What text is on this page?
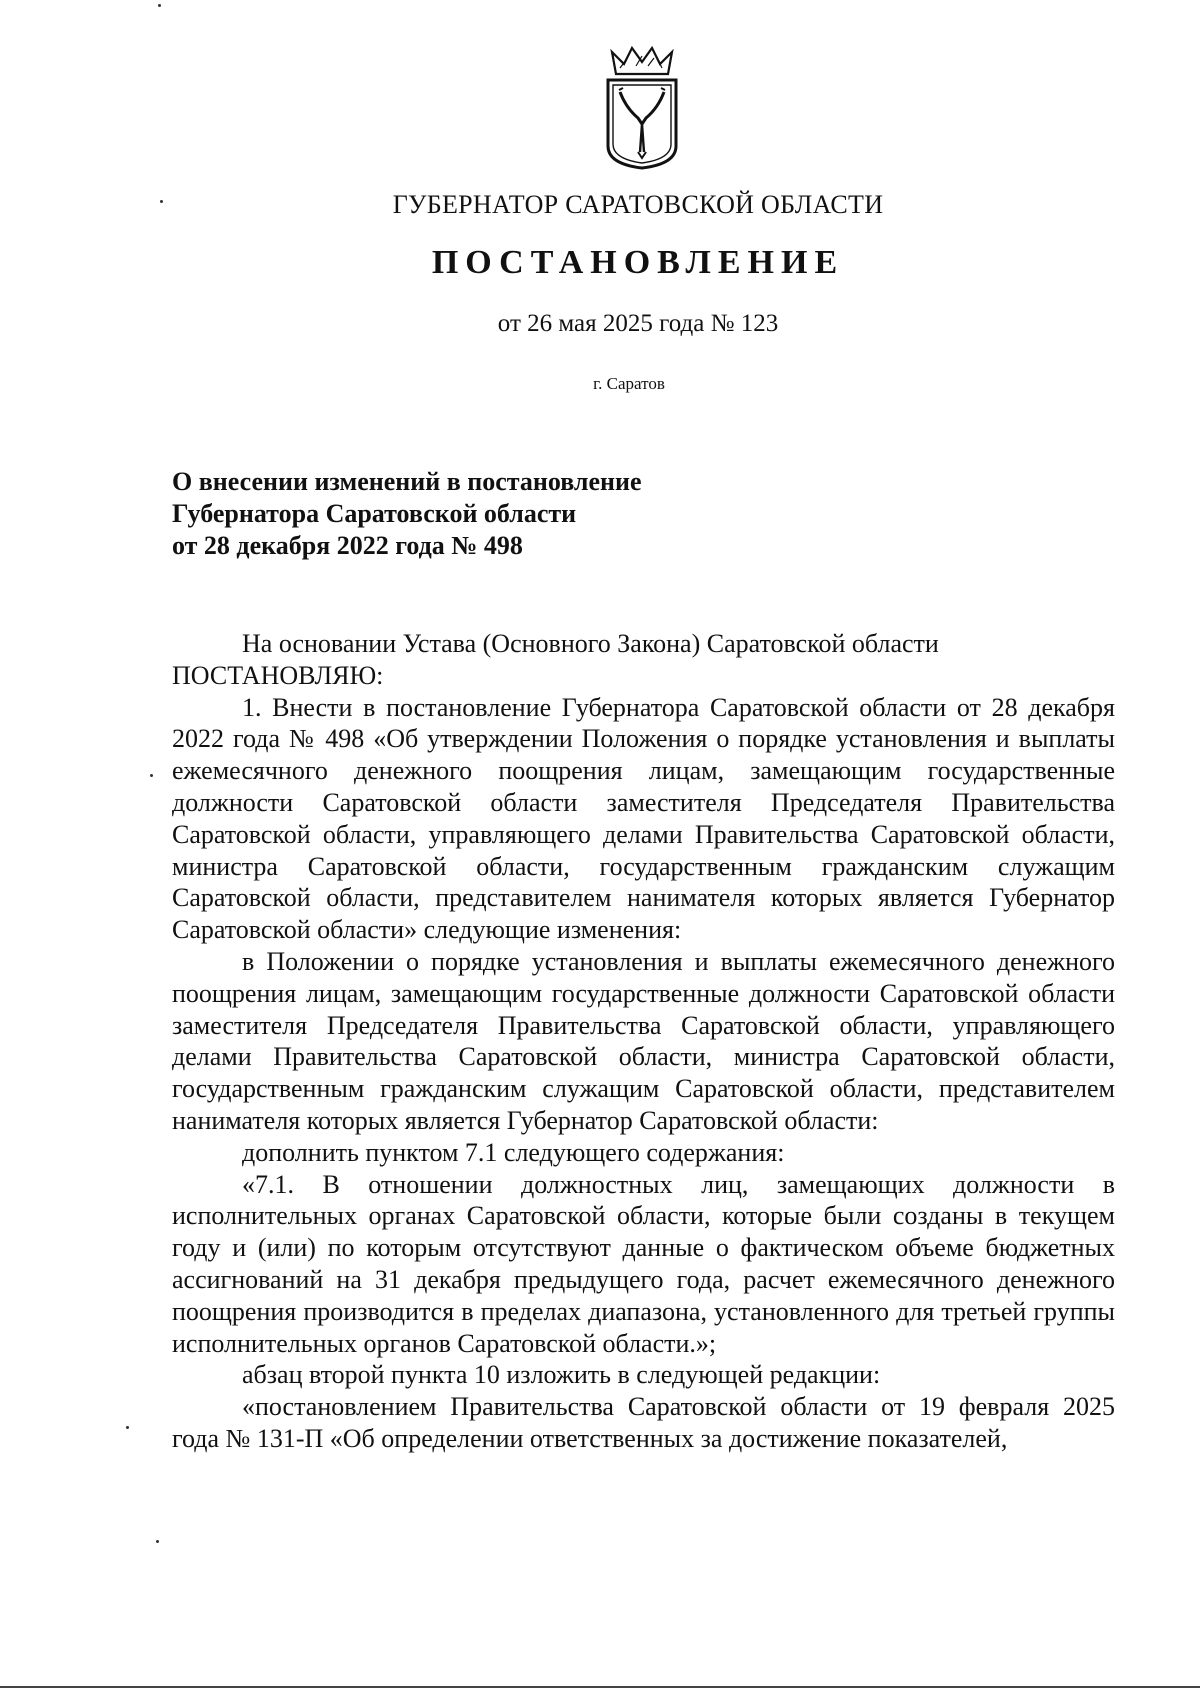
ГУБЕРНАТОР САРАТОВСКОЙ ОБЛАСТИ
ПОСТАНОВЛЕНИЕ
от 26 мая 2025 года № 123
г. Саратов
О внесении изменений в постановление
Губернатора Саратовской области
от 28 декабря 2022 года № 498

На основании Устава (Основного Закона) Саратовской области

ПОСТАНОВЛЯЮ:

1. Внести в постановление Губернатора Саратовской области от 28 декабря 2022 года № 498 «Об утверждении Положения о порядке установления и выплаты ежемесячного денежного поощрения лицам, замещающим государственные должности Саратовской области заместителя Председателя Правительства Саратовской области, управляющего делами Правительства Саратовской области, министра Саратовской области, государственным гражданским служащим Саратовской области, представителем нанимателя которых является Губернатор Саратовской области» следующие изменения:

в Положении о порядке установления и выплаты ежемесячного денежного поощрения лицам, замещающим государственные должности Саратовской области заместителя Председателя Правительства Саратовской области, управляющего делами Правительства Саратовской области, министра Саратовской области, государственным гражданским служащим Саратовской области, представителем нанимателя которых является Губернатор Саратовской области:

дополнить пунктом 7.1 следующего содержания:

«7.1. В отношении должностных лиц, замещающих должности в исполнительных органах Саратовской области, которые были созданы в текущем году и (или) по которым отсутствуют данные о фактическом объеме бюджетных ассигнований на 31 декабря предыдущего года, расчет ежемесячного денежного поощрения производится в пределах диапазона, установленного для третьей группы исполнительных органов Саратовской области.»;

абзац второй пункта 10 изложить в следующей редакции:

«постановлением Правительства Саратовской области от 19 февраля 2025 года № 131-П «Об определении ответственных за достижение показателей,
